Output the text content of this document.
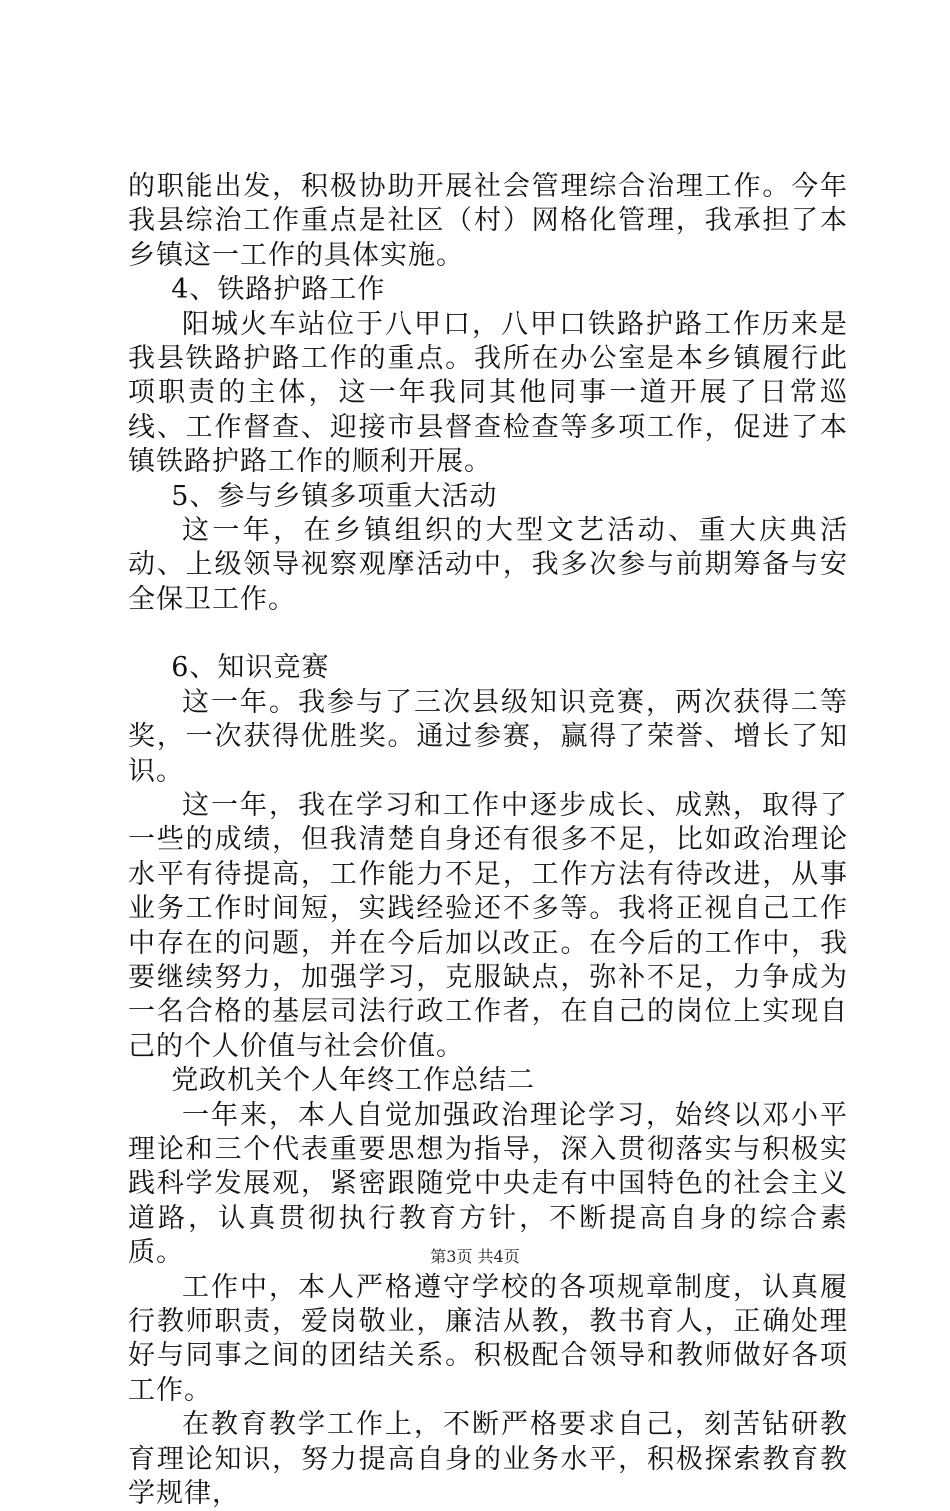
的职能出发，积极协助开展社会管理综合治理工作。今年我县综治工作重点是社区（村）网格化管理，我承担了本乡镇这一工作的具体实施。

4、铁路护路工作

阳城火车站位于八甲口，八甲口铁路护路工作历来是我县铁路护路工作的重点。我所在办公室是本乡镇履行此项职责的主体，这一年我同其他同事一道开展了日常巡线、工作督查、迎接市县督查检查等多项工作，促进了本镇铁路护路工作的顺利开展。

5、参与乡镇多项重大活动

这一年，在乡镇组织的大型文艺活动、重大庆典活动、上级领导视察观摩活动中，我多次参与前期筹备与安全保卫工作。

6、知识竞赛

这一年。我参与了三次县级知识竞赛，两次获得二等奖，一次获得优胜奖。通过参赛，赢得了荣誉、增长了知识。

这一年，我在学习和工作中逐步成长、成熟，取得了一些的成绩，但我清楚自身还有很多不足，比如政治理论水平有待提高，工作能力不足，工作方法有待改进，从事业务工作时间短，实践经验还不多等。我将正视自己工作中存在的问题，并在今后加以改正。在今后的工作中，我要继续努力，加强学习，克服缺点，弥补不足，力争成为一名合格的基层司法行政工作者，在自己的岗位上实现自己的个人价值与社会价值。

党政机关个人年终工作总结二

一年来，本人自觉加强政治理论学习，始终以邓小平理论和三个代表重要思想为指导，深入贯彻落实与积极实践科学发展观，紧密跟随党中央走有中国特色的社会主义道路，认真贯彻执行教育方针，不断提高自身的综合素质。

工作中，本人严格遵守学校的各项规章制度，认真履行教师职责，爱岗敬业，廉洁从教，教书育人，正确处理好与同事之间的团结关系。积极配合领导和教师做好各项工作。

在教育教学工作上，不断严格要求自己，刻苦钻研教育理论知识，努力提高自身的业务水平，积极探索教育教学规律，

第3页 共4页
